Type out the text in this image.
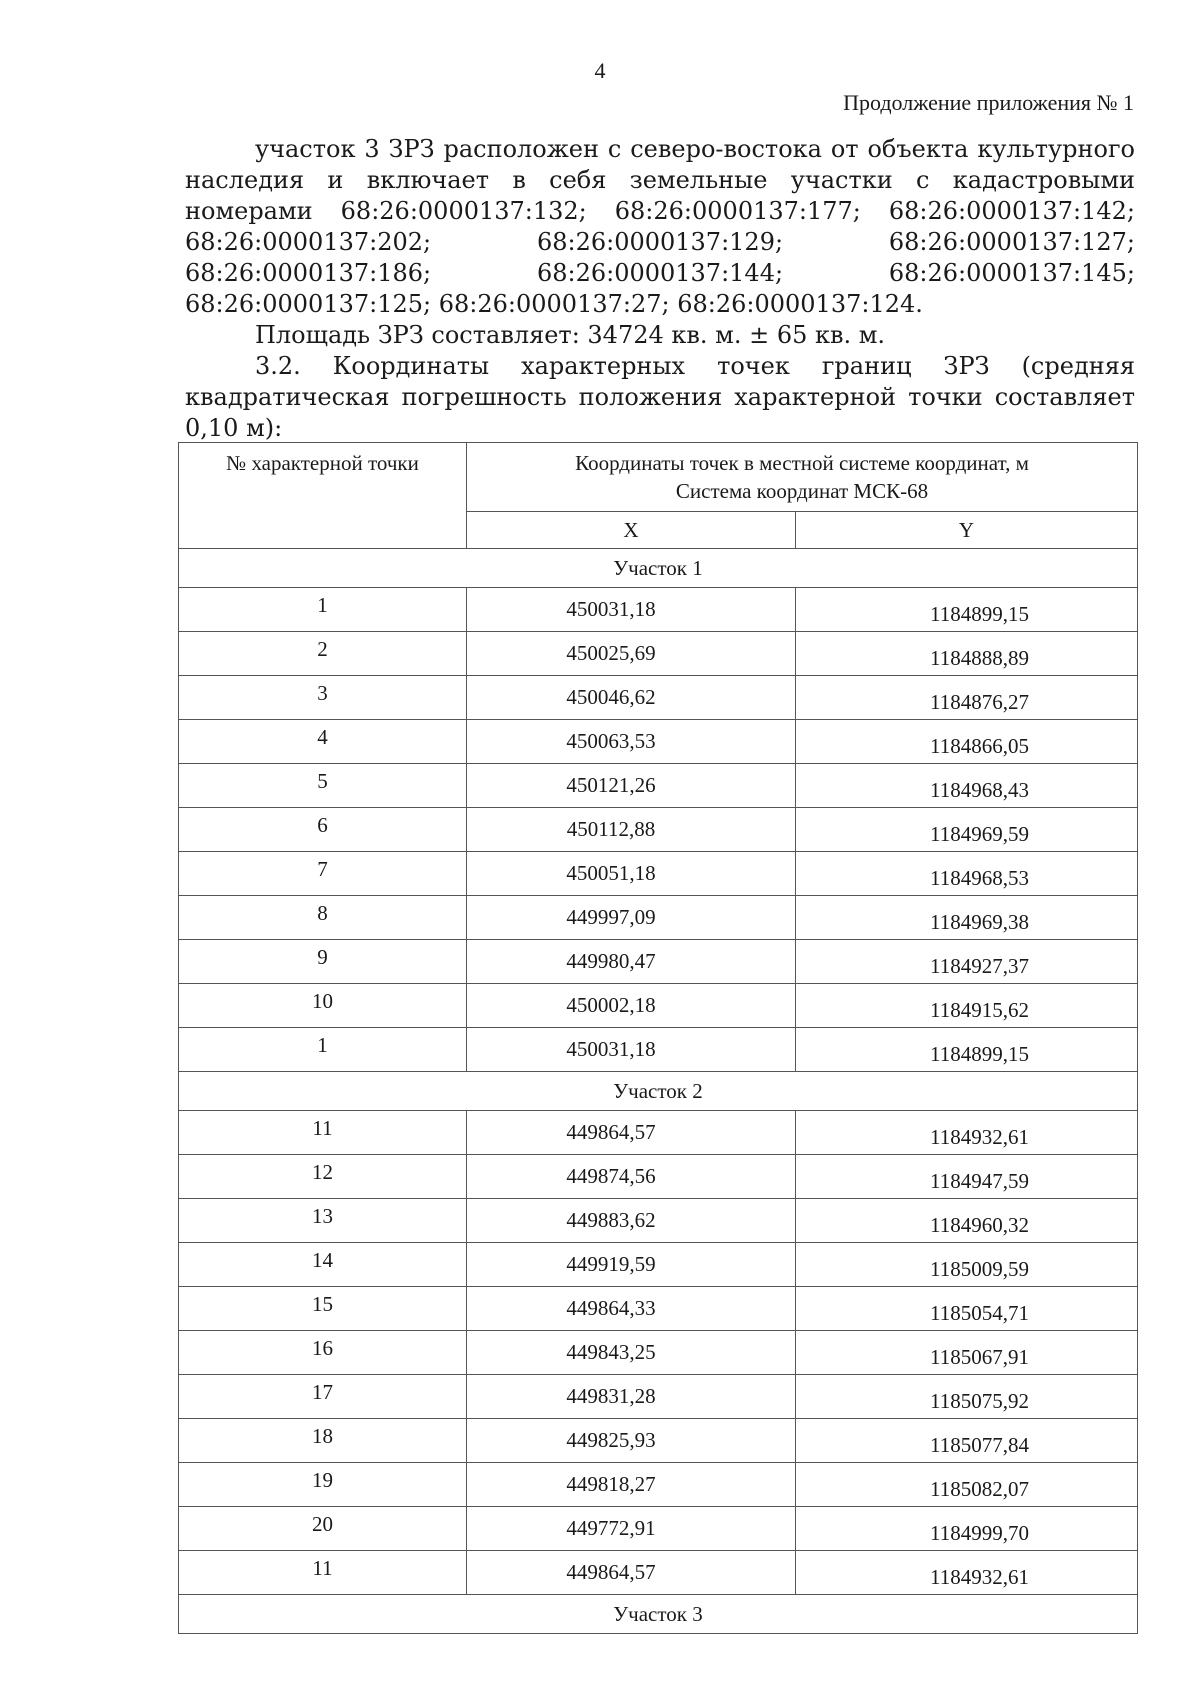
4
Продолжение приложения № 1

участок 3 ЗРЗ расположен с северо-востока от объекта культурного наследия и включает в себя земельные участки с кадастровыми номерами 68:26:0000137:132; 68:26:0000137:177; 68:26:0000137:142; 68:26:0000137:202; 68:26:0000137:129; 68:26:0000137:127; 68:26:0000137:186; 68:26:0000137:144; 68:26:0000137:145; 68:26:0000137:125; 68:26:0000137:27; 68:26:0000137:124.

Площадь ЗРЗ составляет: 34724 кв. м. ± 65 кв. м.

3.2. Координаты характерных точек границ ЗРЗ (средняя

квадратическая погрешность положения характерной точки составляет 0,10 м):

№ характерной точки	Координаты точек в местной системе координат, м
Система координат МСК-68	
	X	Y
Участок 1		
1	450031,18	1184899,15
2	450025,69	1184888,89
3	450046,62	1184876,27
4	450063,53	1184866,05
5	450121,26	1184968,43
6	450112,88	1184969,59
7	450051,18	1184968,53
8	449997,09	1184969,38
9	449980,47	1184927,37
10	450002,18	1184915,62
1	450031,18	1184899,15
Участок 2		
11	449864,57	1184932,61
12	449874,56	1184947,59
13	449883,62	1184960,32
14	449919,59	1185009,59
15	449864,33	1185054,71
16	449843,25	1185067,91
17	449831,28	1185075,92
18	449825,93	1185077,84
19	449818,27	1185082,07
20	449772,91	1184999,70
11	449864,57	1184932,61
Участок 3		
